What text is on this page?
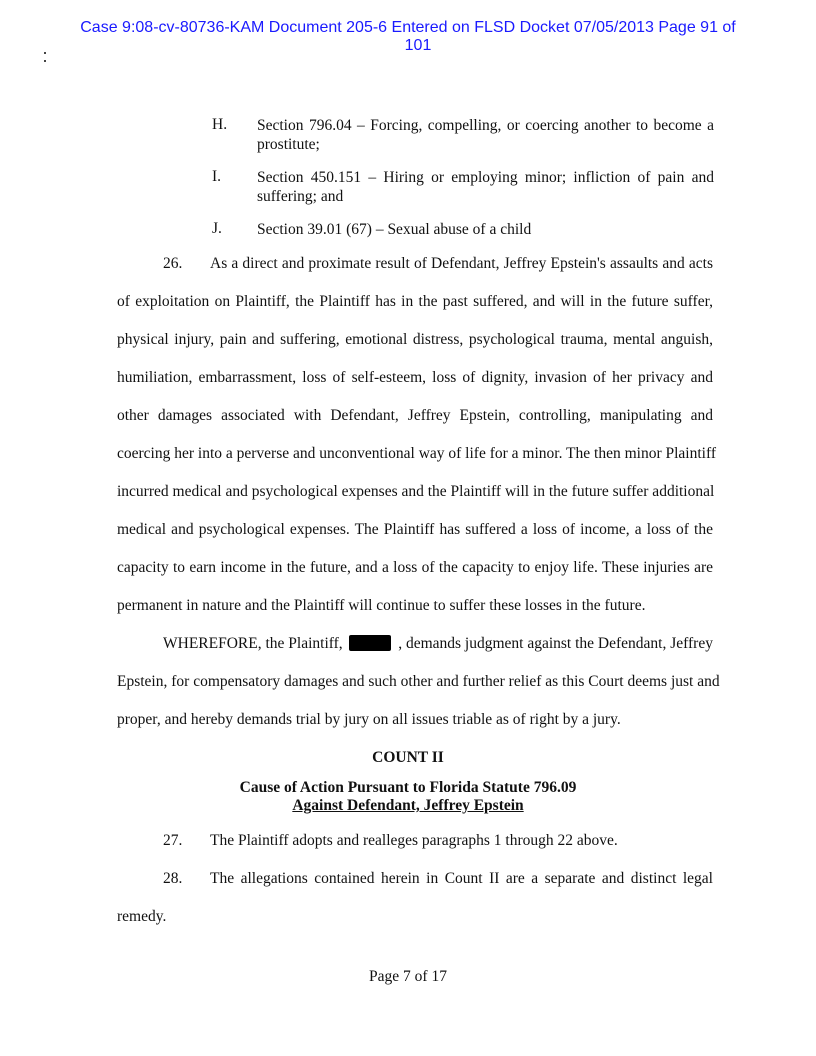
Case 9:08-cv-80736-KAM Document 205-6 Entered on FLSD Docket 07/05/2013 Page 91 of
101
H. Section 796.04 – Forcing, compelling, or coercing another to become a prostitute;
I. Section 450.151 – Hiring or employing minor; infliction of pain and suffering; and
J. Section 39.01 (67) – Sexual abuse of a child
26. As a direct and proximate result of Defendant, Jeffrey Epstein's assaults and acts
of exploitation on Plaintiff, the Plaintiff has in the past suffered, and will in the future suffer,
physical injury, pain and suffering, emotional distress, psychological trauma, mental anguish,
humiliation, embarrassment, loss of self-esteem, loss of dignity, invasion of her privacy and
other damages associated with Defendant, Jeffrey Epstein, controlling, manipulating and
coercing her into a perverse and unconventional way of life for a minor. The then minor Plaintiff
incurred medical and psychological expenses and the Plaintiff will in the future suffer additional
medical and psychological expenses. The Plaintiff has suffered a loss of income, a loss of the
capacity to earn income in the future, and a loss of the capacity to enjoy life. These injuries are
permanent in nature and the Plaintiff will continue to suffer these losses in the future.
WHEREFORE, the Plaintiff,	, demands judgment against the Defendant, Jeffrey
Epstein, for compensatory damages and such other and further relief as this Court deems just and
proper, and hereby demands trial by jury on all issues triable as of right by a jury.
COUNT II
Cause of Action Pursuant to Florida Statute 796.09
Against Defendant, Jeffrey Epstein
27. The Plaintiff adopts and realleges paragraphs 1 through 22 above.
28. The allegations contained herein in Count II are a separate and distinct legal
remedy.
Page 7 of 17
